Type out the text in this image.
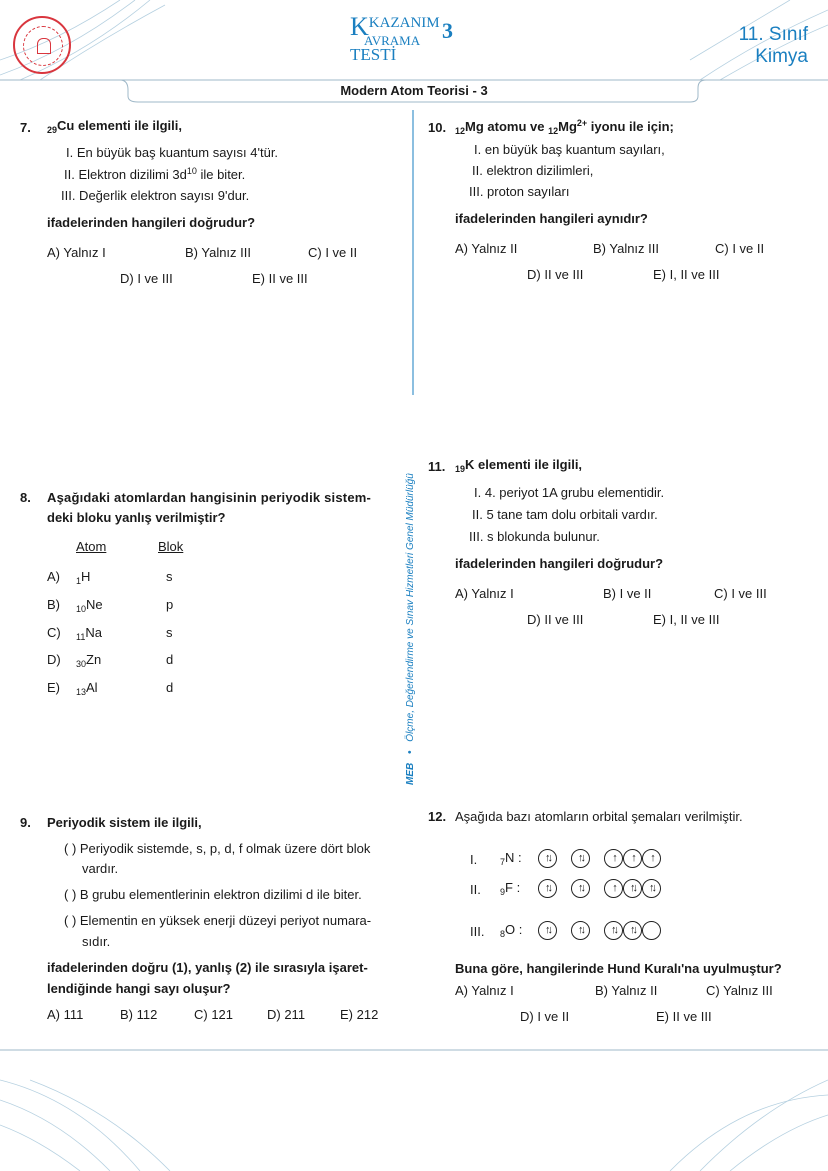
KKAZANIM
AVRAMA
TESTİ
3	11. Sınıf
Kimya
Modern Atom Teorisi - 3
MEB • Ölçme, Değerlendirme ve Sınav Hizmetleri Genel Müdürlüğü
7. $_{29}$Cu elementi ile ilgili,
I. En büyük baş kuantum sayısı 4'tür.
II. Elektron dizilimi $3d^{10}$ ile biter.
III. Değerlik elektron sayısı 9'dur.
ifadelerinden hangileri doğrudur?
A) Yalnız I	B) Yalnız III	C) I ve II
D) I ve III	E) II ve III
8. Aşağıdaki atomlardan hangisinin periyodik sistem-
deki bloku yanlış verilmiştir?
Atom	Blok
A) $_1$H	s
B) $_{10}$Ne	p
C) $_{11}$Na	s
D) $_{30}$Zn	d
E) $_{13}$Al	d
9. Periyodik sistem ile ilgili,
( ) Periyodik sistemde, s, p, d, f olmak üzere dört blok
vardır.
( ) B grubu elementlerinin elektron dizilimi d ile biter.
( ) Elementin en yüksek enerji düzeyi periyot numara-
sıdır.
ifadelerinden doğru (1), yanlış (2) ile sırasıyla işaret-
lendiğinde hangi sayı oluşur?
A) 111	B) 112	C) 121	D) 211	E) 212
10. $_{12}$Mg atomu ve $_{12}Mg^{2+}$ iyonu ile için;
I. en büyük baş kuantum sayıları,
II. elektron dizilimleri,
III. proton sayıları
ifadelerinden hangileri aynıdır?
A) Yalnız II	B) Yalnız III	C) I ve II
D) II ve III	E) I, II ve III
11. $_{19}$K elementi ile ilgili,
I. 4. periyot 1A grubu elementidir.
II. 5 tane tam dolu orbitali vardır.
III. s blokunda bulunur.
ifadelerinden hangileri doğrudur?
A) Yalnız I	B) I ve II	C) I ve III
D) II ve III	E) I, II ve III
12. Aşağıda bazı atomların orbital şemaları verilmiştir.
I.	$_7$N :	↑↓	↑↓	↑ ↑ ↑
II. $_9$F :	↑↓	↑↓	↑ ↑↓ ↑↓
III. $_8$O :	↑↓	↑↓	↑↓ ↑↓
Buna göre, hangilerinde Hund Kuralı'na uyulmuştur?
A) Yalnız I	B) Yalnız II	C) Yalnız III
D) I ve II	E) II ve III
